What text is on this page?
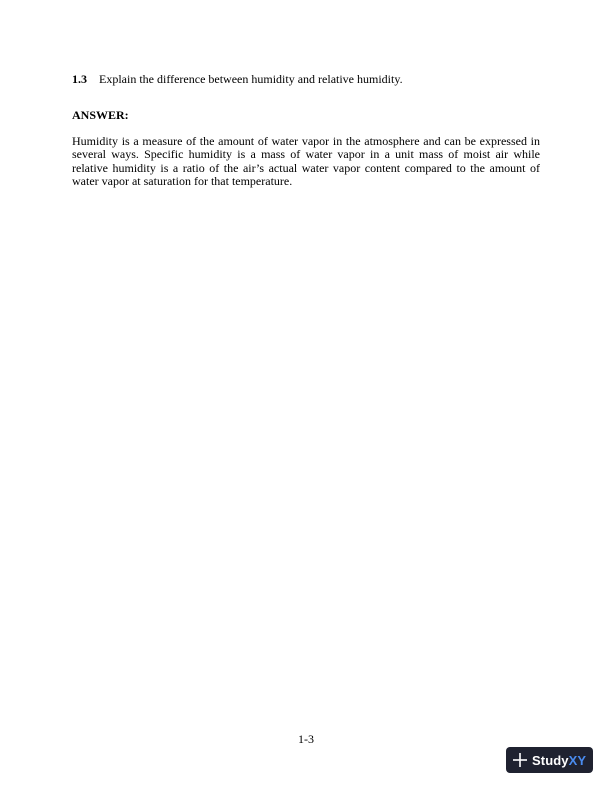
1.3 Explain the difference between humidity and relative humidity.
ANSWER:
Humidity is a measure of the amount of water vapor in the atmosphere and can be expressed in several ways. Specific humidity is a mass of water vapor in a unit mass of moist air while relative humidity is a ratio of the air’s actual water vapor content compared to the amount of water vapor at saturation for that temperature.
1-3
StudyXY
